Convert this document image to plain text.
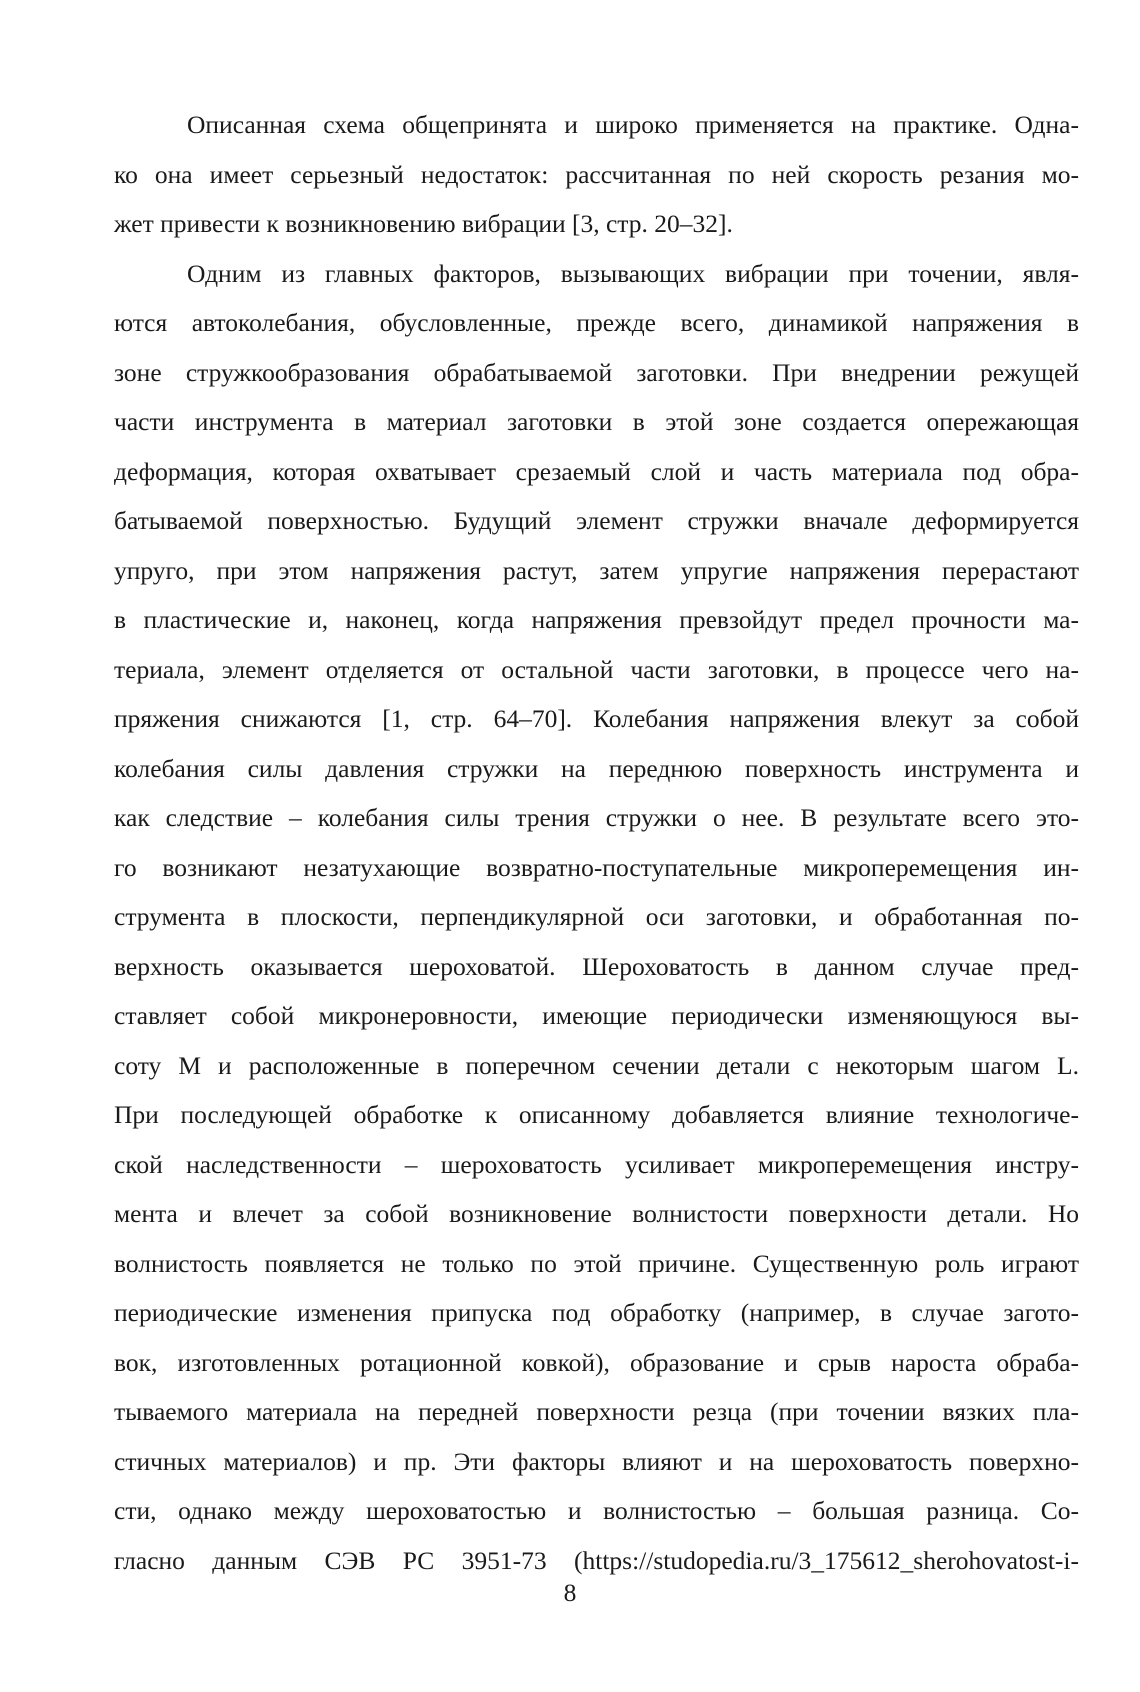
Описанная схема общепринята и широко применяется на практике. Одна-
ко она имеет серьезный недостаток: рассчитанная по ней скорость резания мо-
жет привести к возникновению вибрации [3, стр. 20–32].
Одним из главных факторов, вызывающих вибрации при точении, явля-
ются автоколебания, обусловленные, прежде всего, динамикой напряжения в
зоне стружкообразования обрабатываемой заготовки. При внедрении режущей
части инструмента в материал заготовки в этой зоне создается опережающая
деформация, которая охватывает срезаемый слой и часть материала под обра-
батываемой поверхностью. Будущий элемент стружки вначале деформируется
упруго, при этом напряжения растут, затем упругие напряжения перерастают
в пластические и, наконец, когда напряжения превзойдут предел прочности ма-
териала, элемент отделяется от остальной части заготовки, в процессе чего на-
пряжения снижаются [1, стр. 64–70]. Колебания напряжения влекут за собой
колебания силы давления стружки на переднюю поверхность инструмента и
как следствие – колебания силы трения стружки о нее. В результате всего это-
го возникают незатухающие возвратно-поступательные микроперемещения ин-
струмента в плоскости, перпендикулярной оси заготовки, и обработанная по-
верхность оказывается шероховатой. Шероховатость в данном случае пред-
ставляет собой микронеровности, имеющие периодически изменяющуюся вы-
соту M и расположенные в поперечном сечении детали с некоторым шагом L.
При последующей обработке к описанному добавляется влияние технологиче-
ской наследственности – шероховатость усиливает микроперемещения инстру-
мента и влечет за собой возникновение волнистости поверхности детали. Но
волнистость появляется не только по этой причине. Существенную роль играют
периодические изменения припуска под обработку (например, в случае загото-
вок, изготовленных ротационной ковкой), образование и срыв нароста обраба-
тываемого материала на передней поверхности резца (при точении вязких пла-
стичных материалов) и пр. Эти факторы влияют и на шероховатость поверхно-
сти, однако между шероховатостью и волнистостью – большая разница. Со-
гласно данным СЭВ РС 3951-73 (https://studopedia.ru/3_175612_sherohovatost-i-
8
